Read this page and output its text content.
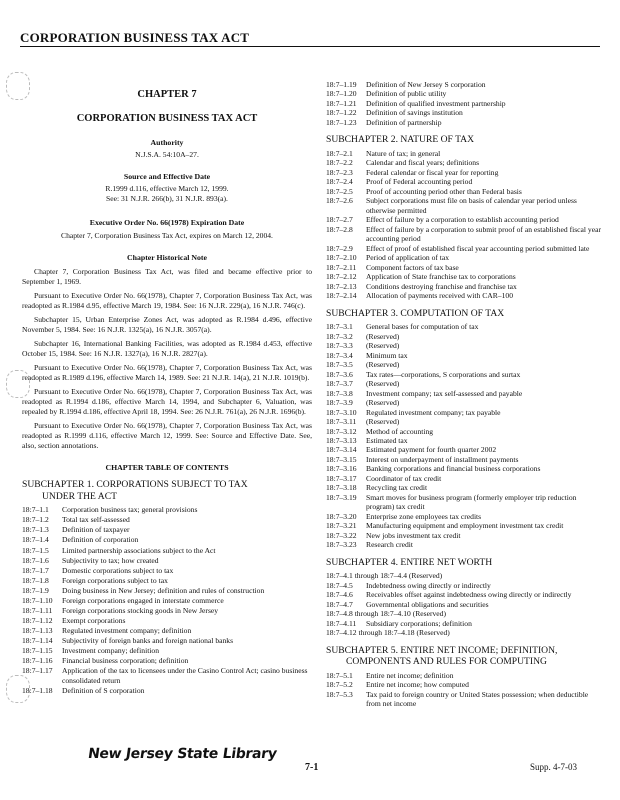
CORPORATION BUSINESS TAX ACT
CHAPTER 7
CORPORATION BUSINESS TAX ACT
Authority
N.J.S.A. 54:10A–27.
Source and Effective Date
R.1999 d.116, effective March 12, 1999.
See: 31 N.J.R. 266(b), 31 N.J.R. 893(a).
Executive Order No. 66(1978) Expiration Date
Chapter 7, Corporation Business Tax Act, expires on March 12, 2004.
Chapter Historical Note
Chapter 7, Corporation Business Tax Act, was filed and became effective prior to September 1, 1969.
Pursuant to Executive Order No. 66(1978), Chapter 7, Corporation Business Tax Act, was readopted as R.1984 d.95, effective March 19, 1984. See: 16 N.J.R. 229(a), 16 N.J.R. 746(c).
Subchapter 15, Urban Enterprise Zones Act, was adopted as R.1984 d.496, effective November 5, 1984. See: 16 N.J.R. 1325(a), 16 N.J.R. 3057(a).
Subchapter 16, International Banking Facilities, was adopted as R.1984 d.453, effective October 15, 1984. See: 16 N.J.R. 1327(a), 16 N.J.R. 2827(a).
Pursuant to Executive Order No. 66(1978), Chapter 7, Corporation Business Tax Act, was readopted as R.1989 d.196, effective March 14, 1989. See: 21 N.J.R. 14(a), 21 N.J.R. 1019(b).
Pursuant to Executive Order No. 66(1978), Chapter 7, Corporation Business Tax Act, was readopted as R.1994 d.186, effective March 14, 1994, and Subchapter 6, Valuation, was repealed by R.1994 d.186, effective April 18, 1994. See: 26 N.J.R. 761(a), 26 N.J.R. 1696(b).
Pursuant to Executive Order No. 66(1978), Chapter 7, Corporation Business Tax Act, was readopted as R.1999 d.116, effective March 12, 1999. See: Source and Effective Date. See, also, section annotations.
CHAPTER TABLE OF CONTENTS
SUBCHAPTER 1. CORPORATIONS SUBJECT TO TAX
UNDER THE ACT
18:7–1.1	Corporation business tax; general provisions
18:7–1.2	Total tax self-assessed
18:7–1.3	Definition of taxpayer
18:7–1.4	Definition of corporation
18:7–1.5	Limited partnership associations subject to the Act
18:7–1.6	Subjectivity to tax; how created
18:7–1.7	Domestic corporations subject to tax
18:7–1.8	Foreign corporations subject to tax
18:7–1.9	Doing business in New Jersey; definition and rules of construction
18:7–1.10	Foreign corporations engaged in interstate commerce
18:7–1.11	Foreign corporations stocking goods in New Jersey
18:7–1.12	Exempt corporations
18:7–1.13	Regulated investment company; definition
18:7–1.14	Subjectivity of foreign banks and foreign national banks
18:7–1.15	Investment company; definition
18:7–1.16	Financial business corporation; definition
18:7–1.17	Application of the tax to licensees under the Casino Control Act; casino business consolidated return
18:7–1.18	Definition of S corporation
18:7–1.19	Definition of New Jersey S corporation
18:7–1.20	Definition of public utility
18:7–1.21	Definition of qualified investment partnership
18:7–1.22	Definition of savings institution
18:7–1.23	Definition of partnership
SUBCHAPTER 2. NATURE OF TAX
18:7–2.1	Nature of tax; in general
18:7–2.2	Calendar and fiscal years; definitions
18:7–2.3	Federal calendar or fiscal year for reporting
18:7–2.4	Proof of Federal accounting period
18:7–2.5	Proof of accounting period other than Federal basis
18:7–2.6	Subject corporations must file on basis of calendar year period unless otherwise permitted
18:7–2.7	Effect of failure by a corporation to establish accounting period
18:7–2.8	Effect of failure by a corporation to submit proof of an established fiscal year accounting period
18:7–2.9	Effect of proof of established fiscal year accounting period submitted late
18:7–2.10	Period of application of tax
18:7–2.11	Component factors of tax base
18:7–2.12	Application of State franchise tax to corporations
18:7–2.13	Conditions destroying franchise and franchise tax
18:7–2.14	Allocation of payments received with CAR–100
SUBCHAPTER 3. COMPUTATION OF TAX
18:7–3.1	General bases for computation of tax
18:7–3.2	(Reserved)
18:7–3.3	(Reserved)
18:7–3.4	Minimum tax
18:7–3.5	(Reserved)
18:7–3.6	Tax rates—corporations, S corporations and surtax
18:7–3.7	(Reserved)
18:7–3.8	Investment company; tax self-assessed and payable
18:7–3.9	(Reserved)
18:7–3.10	Regulated investment company; tax payable
18:7–3.11	(Reserved)
18:7–3.12	Method of accounting
18:7–3.13	Estimated tax
18:7–3.14	Estimated payment for fourth quarter 2002
18:7–3.15	Interest on underpayment of installment payments
18:7–3.16	Banking corporations and financial business corporations
18:7–3.17	Coordinator of tax credit
18:7–3.18	Recycling tax credit
18:7–3.19	Smart moves for business program (formerly employer trip reduction program) tax credit
18:7–3.20	Enterprise zone employees tax credits
18:7–3.21	Manufacturing equipment and employment investment tax credit
18:7–3.22	New jobs investment tax credit
18:7–3.23	Research credit
SUBCHAPTER 4. ENTIRE NET WORTH
18:7–4.1 through 18:7–4.4 (Reserved)
18:7–4.5	Indebtedness owing directly or indirectly
18:7–4.6	Receivables offset against indebtedness owing directly or indirectly
18:7–4.7	Governmental obligations and securities
18:7–4.8 through 18:7–4.10 (Reserved)
18:7–4.11	Subsidiary corporations; definition
18:7–4.12 through 18:7–4.18 (Reserved)
SUBCHAPTER 5. ENTIRE NET INCOME; DEFINITION,
COMPONENTS AND RULES FOR COMPUTING
18:7–5.1	Entire net income; definition
18:7–5.2	Entire net income; how computed
18:7–5.3	Tax paid to foreign country or United States possession; when deductible from net income
New Jersey State Library
7-1	Supp. 4-7-03
